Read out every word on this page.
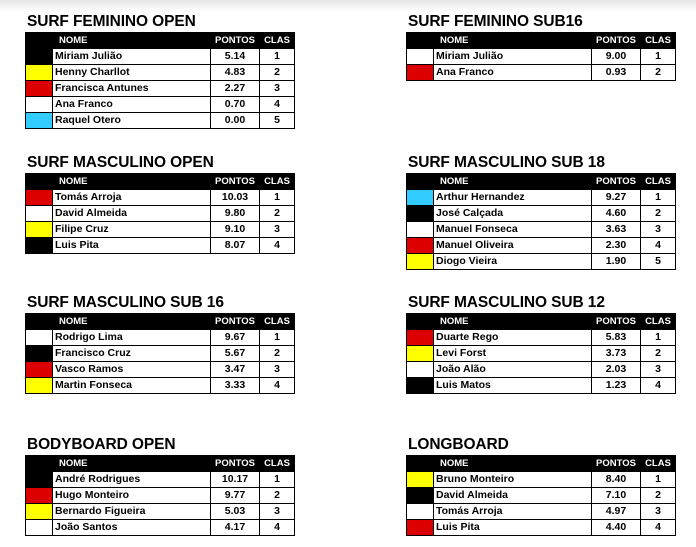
SURF FEMININO OPEN
	NOME	PONTOS	CLAS
	Miriam Julião	5.14	1
	Henny Charllot	4.83	2
	Francisca Antunes	2.27	3
	Ana Franco	0.70	4
	Raquel Otero	0.00	5
SURF FEMININO SUB16
	NOME	PONTOS	CLAS
	Miriam Julião	9.00	1
	Ana Franco	0.93	2
SURF MASCULINO OPEN
	NOME	PONTOS	CLAS
	Tomás Arroja	10.03	1
	David Almeida	9.80	2
	Filipe Cruz	9.10	3
	Luis Pita	8.07	4
SURF MASCULINO SUB 18
	NOME	PONTOS	CLAS
	Arthur Hernandez	9.27	1
	José Calçada	4.60	2
	Manuel Fonseca	3.63	3
	Manuel Oliveira	2.30	4
	Diogo Vieira	1.90	5
SURF MASCULINO SUB 16
	NOME	PONTOS	CLAS
	Rodrigo Lima	9.67	1
	Francisco Cruz	5.67	2
	Vasco Ramos	3.47	3
	Martin Fonseca	3.33	4
SURF MASCULINO SUB 12
	NOME	PONTOS	CLAS
	Duarte Rego	5.83	1
	Levi Forst	3.73	2
	João Alão	2.03	3
	Luis Matos	1.23	4
BODYBOARD OPEN
	NOME	PONTOS	CLAS
	André Rodrigues	10.17	1
	Hugo Monteiro	9.77	2
	Bernardo Figueira	5.03	3
	João Santos	4.17	4
LONGBOARD
	NOME	PONTOS	CLAS
	Bruno Monteiro	8.40	1
	David Almeida	7.10	2
	Tomás Arroja	4.97	3
	Luis Pita	4.40	4
